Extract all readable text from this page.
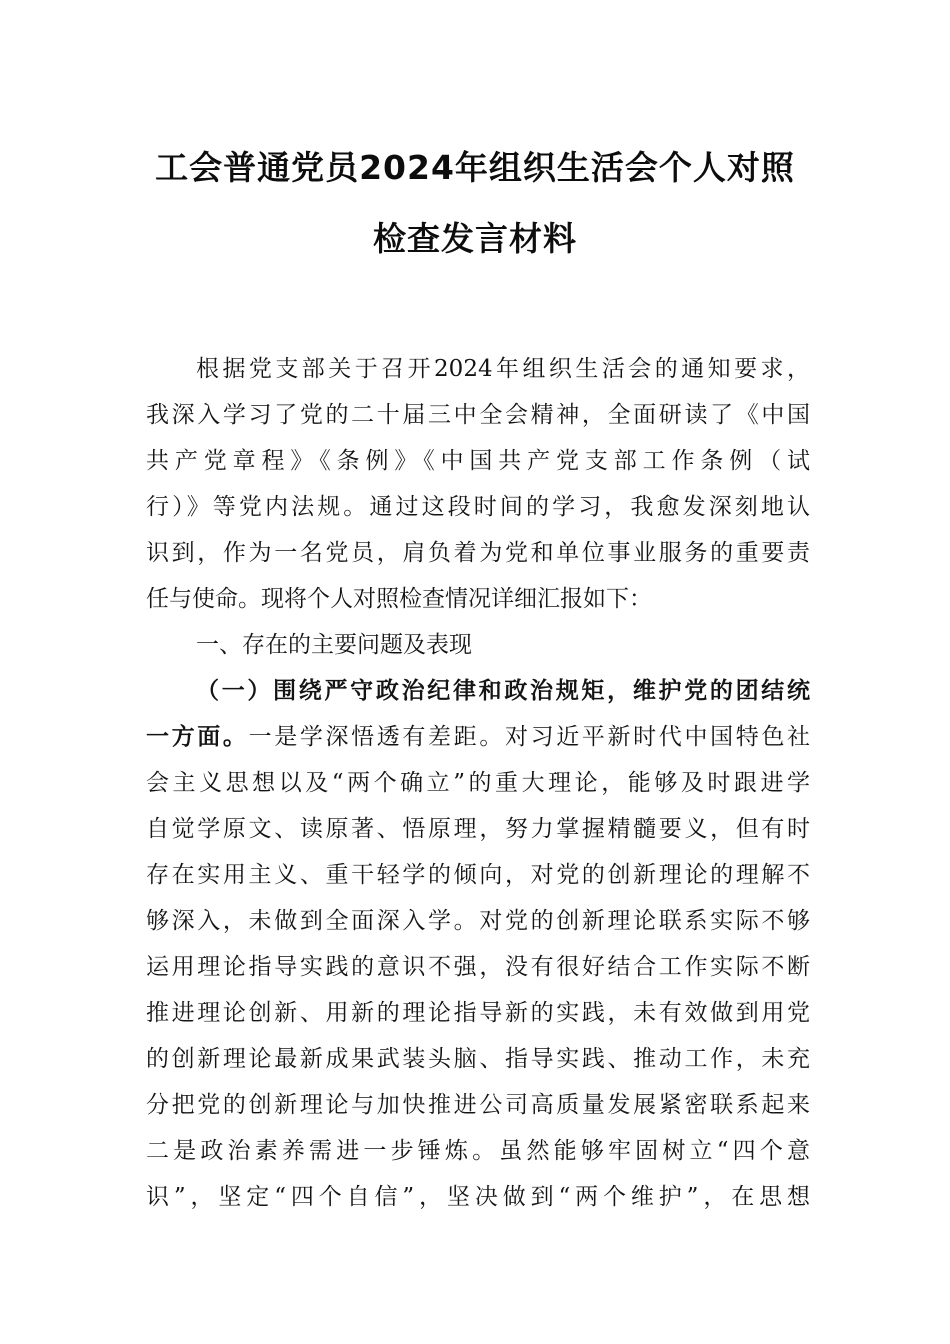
工会普通党员2024年组织生活会个人对照
检查发言材料
根据党支部关于召开2024年组织生活会的通知要求，
我深入学习了党的二十届三中全会精神，全面研读了《中国
共产党章程》《条例》《中国共产党支部工作条例（试
行）》等党内法规。通过这段时间的学习，我愈发深刻地认
识到，作为一名党员，肩负着为党和单位事业服务的重要责
任与使命。现将个人对照检查情况详细汇报如下：
一、存在的主要问题及表现
（一）围绕严守政治纪律和政治规矩，维护党的团结统
一方面。一是学深悟透有差距。对习近平新时代中国特色社
会主义思想以及“两个确立”的重大理论，能够及时跟进学
自觉学原文、读原著、悟原理，努力掌握精髓要义，但有时
存在实用主义、重干轻学的倾向，对党的创新理论的理解不
够深入，未做到全面深入学。对党的创新理论联系实际不够
运用理论指导实践的意识不强，没有很好结合工作实际不断
推进理论创新、用新的理论指导新的实践，未有效做到用党
的创新理论最新成果武装头脑、指导实践、推动工作，未充
分把党的创新理论与加快推进公司高质量发展紧密联系起来
二是政治素养需进一步锤炼。虽然能够牢固树立“四个意
识”，坚定“四个自信”，坚决做到“两个维护”，在思想
